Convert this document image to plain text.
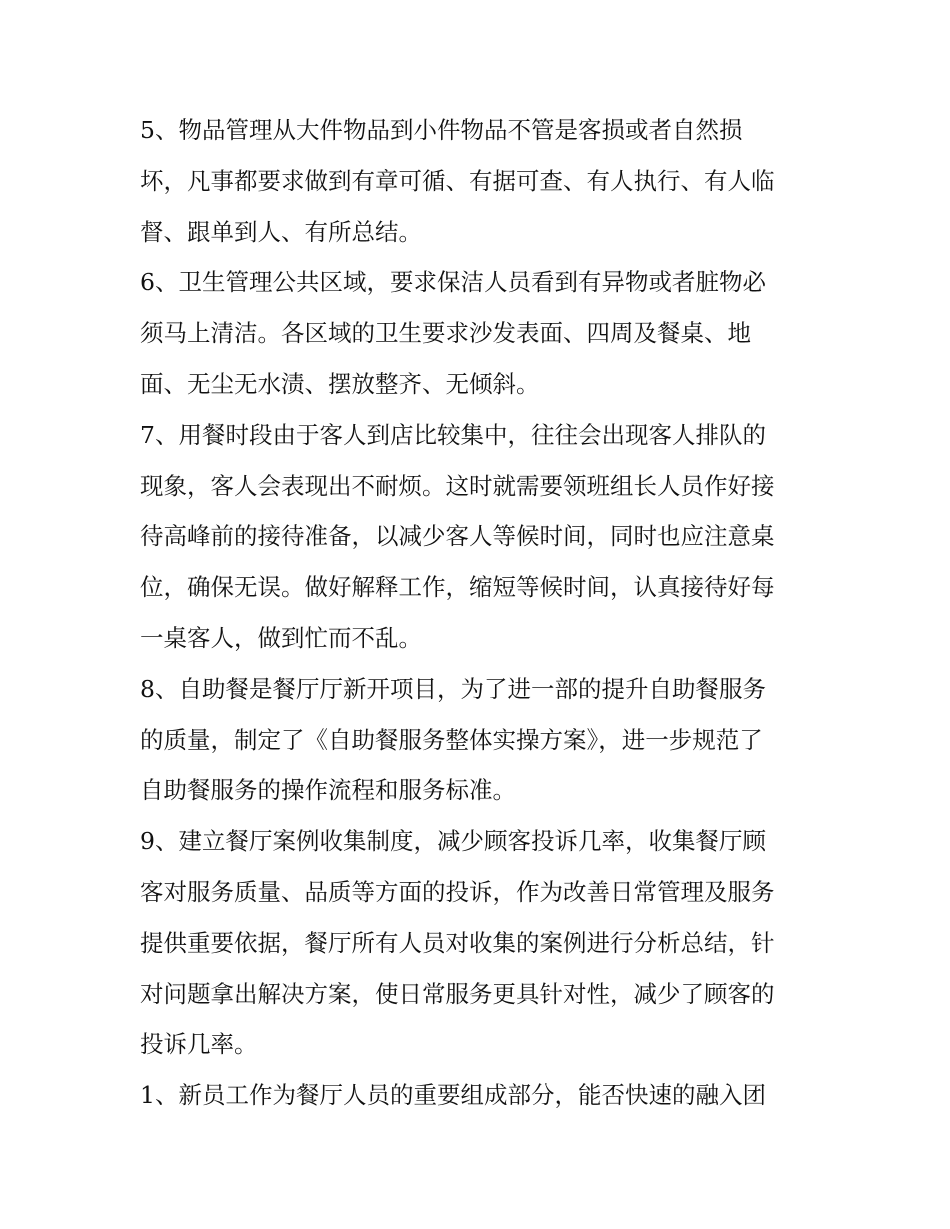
5、物品管理从大件物品到小件物品不管是客损或者自然损
坏，凡事都要求做到有章可循、有据可查、有人执行、有人临
督、跟单到人、有所总结。
6、卫生管理公共区域，要求保洁人员看到有异物或者脏物必
须马上清洁。各区域的卫生要求沙发表面、四周及餐桌、地
面、无尘无水渍、摆放整齐、无倾斜。
7、用餐时段由于客人到店比较集中，往往会出现客人排队的
现象，客人会表现出不耐烦。这时就需要领班组长人员作好接
待高峰前的接待准备，以减少客人等候时间，同时也应注意桌
位，确保无误。做好解释工作，缩短等候时间，认真接待好每
一桌客人，做到忙而不乱。
8、自助餐是餐厅厅新开项目，为了进一部的提升自助餐服务
的质量，制定了《自助餐服务整体实操方案》，进一步规范了
自助餐服务的操作流程和服务标准。
9、建立餐厅案例收集制度，减少顾客投诉几率，收集餐厅顾
客对服务质量、品质等方面的投诉，作为改善日常管理及服务
提供重要依据，餐厅所有人员对收集的案例进行分析总结，针
对问题拿出解决方案，使日常服务更具针对性，减少了顾客的
投诉几率。
1、新员工作为餐厅人员的重要组成部分，能否快速的融入团
